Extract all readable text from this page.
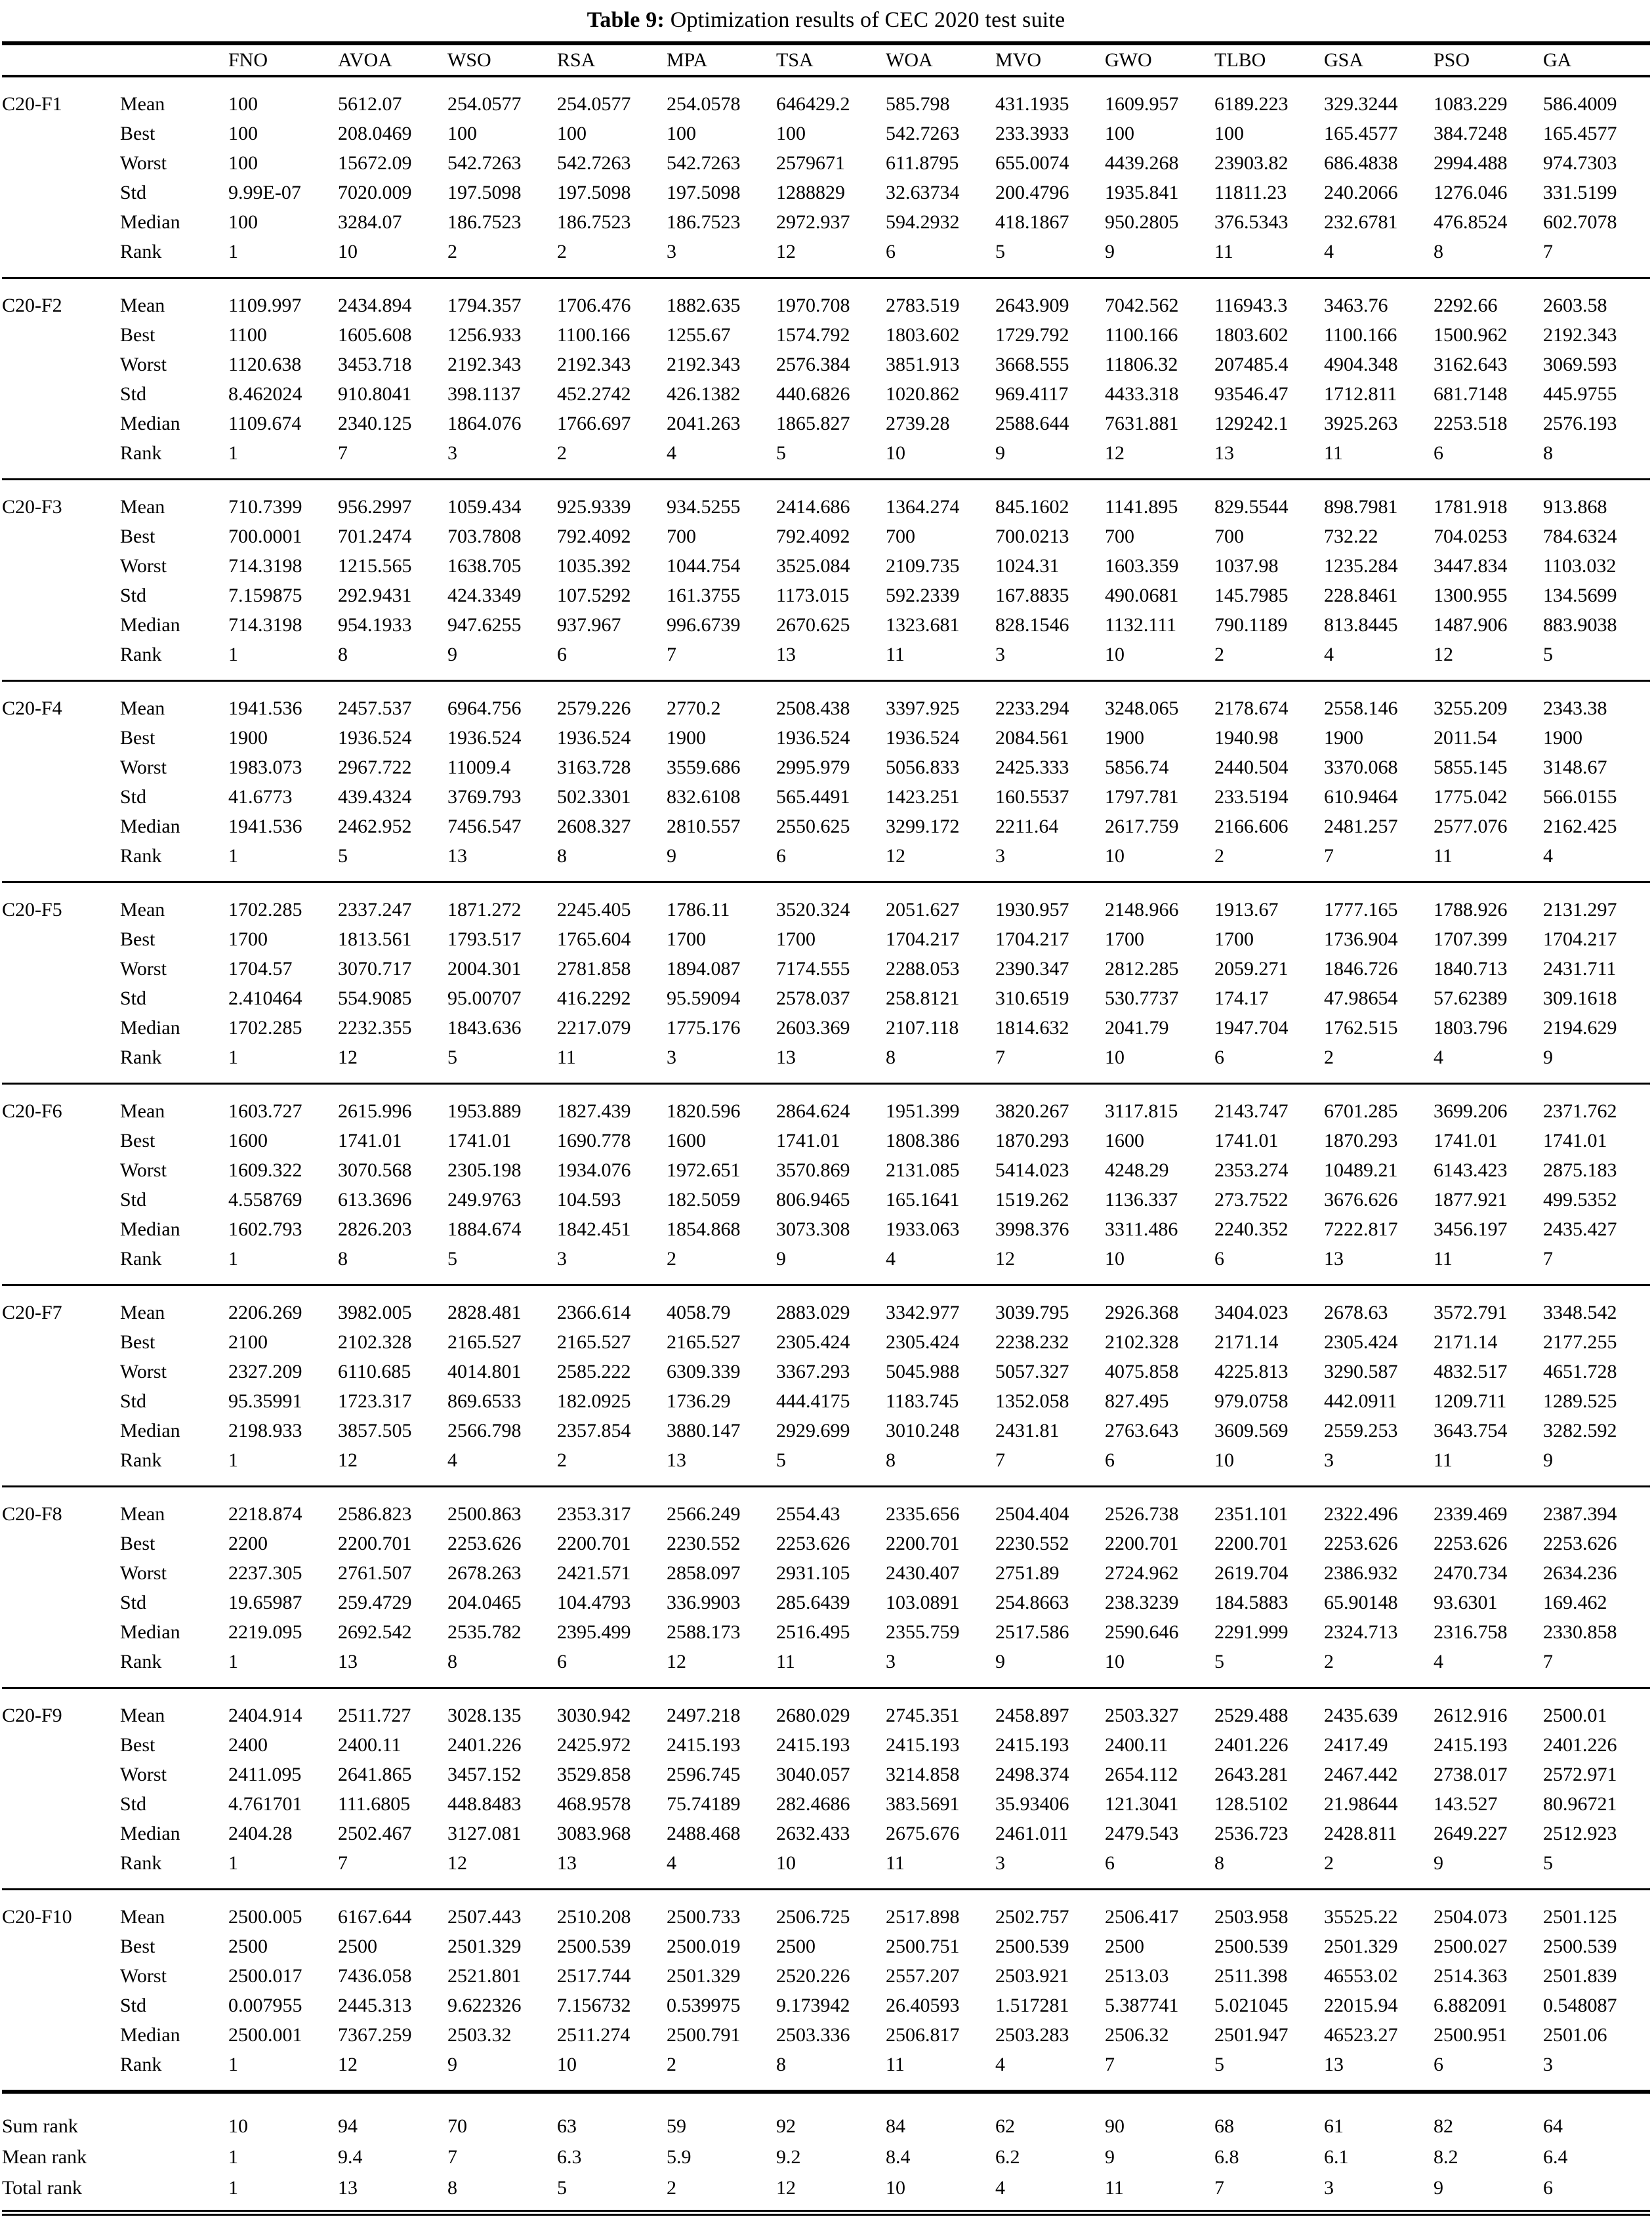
Table 9: Optimization results of CEC 2020 test suite
		FNO	AVOA	WSO	RSA	MPA	TSA	WOA	MVO	GWO	TLBO	GSA	PSO	GA	
C20-F1	Mean	100	5612.07	254.0577	254.0577	254.0578	646429.2	585.798	431.1935	1609.957	6189.223	329.3244	1083.229	586.4009	
	Best	100	208.0469	100	100	100	100	542.7263	233.3933	100	100	165.4577	384.7248	165.4577	
	Worst	100	15672.09	542.7263	542.7263	542.7263	2579671	611.8795	655.0074	4439.268	23903.82	686.4838	2994.488	974.7303	
	Std	9.99E-07	7020.009	197.5098	197.5098	197.5098	1288829	32.63734	200.4796	1935.841	11811.23	240.2066	1276.046	331.5199	
	Median	100	3284.07	186.7523	186.7523	186.7523	2972.937	594.2932	418.1867	950.2805	376.5343	232.6781	476.8524	602.7078	
	Rank	1	10	2	2	3	12	6	5	9	11	4	8	7	
C20-F2	Mean	1109.997	2434.894	1794.357	1706.476	1882.635	1970.708	2783.519	2643.909	7042.562	116943.3	3463.76	2292.66	2603.58	
	Best	1100	1605.608	1256.933	1100.166	1255.67	1574.792	1803.602	1729.792	1100.166	1803.602	1100.166	1500.962	2192.343	
	Worst	1120.638	3453.718	2192.343	2192.343	2192.343	2576.384	3851.913	3668.555	11806.32	207485.4	4904.348	3162.643	3069.593	
	Std	8.462024	910.8041	398.1137	452.2742	426.1382	440.6826	1020.862	969.4117	4433.318	93546.47	1712.811	681.7148	445.9755	
	Median	1109.674	2340.125	1864.076	1766.697	2041.263	1865.827	2739.28	2588.644	7631.881	129242.1	3925.263	2253.518	2576.193	
	Rank	1	7	3	2	4	5	10	9	12	13	11	6	8	
C20-F3	Mean	710.7399	956.2997	1059.434	925.9339	934.5255	2414.686	1364.274	845.1602	1141.895	829.5544	898.7981	1781.918	913.868	
	Best	700.0001	701.2474	703.7808	792.4092	700	792.4092	700	700.0213	700	700	732.22	704.0253	784.6324	
	Worst	714.3198	1215.565	1638.705	1035.392	1044.754	3525.084	2109.735	1024.31	1603.359	1037.98	1235.284	3447.834	1103.032	
	Std	7.159875	292.9431	424.3349	107.5292	161.3755	1173.015	592.2339	167.8835	490.0681	145.7985	228.8461	1300.955	134.5699	
	Median	714.3198	954.1933	947.6255	937.967	996.6739	2670.625	1323.681	828.1546	1132.111	790.1189	813.8445	1487.906	883.9038	
	Rank	1	8	9	6	7	13	11	3	10	2	4	12	5	
C20-F4	Mean	1941.536	2457.537	6964.756	2579.226	2770.2	2508.438	3397.925	2233.294	3248.065	2178.674	2558.146	3255.209	2343.38	
	Best	1900	1936.524	1936.524	1936.524	1900	1936.524	1936.524	2084.561	1900	1940.98	1900	2011.54	1900	
	Worst	1983.073	2967.722	11009.4	3163.728	3559.686	2995.979	5056.833	2425.333	5856.74	2440.504	3370.068	5855.145	3148.67	
	Std	41.6773	439.4324	3769.793	502.3301	832.6108	565.4491	1423.251	160.5537	1797.781	233.5194	610.9464	1775.042	566.0155	
	Median	1941.536	2462.952	7456.547	2608.327	2810.557	2550.625	3299.172	2211.64	2617.759	2166.606	2481.257	2577.076	2162.425	
	Rank	1	5	13	8	9	6	12	3	10	2	7	11	4	
C20-F5	Mean	1702.285	2337.247	1871.272	2245.405	1786.11	3520.324	2051.627	1930.957	2148.966	1913.67	1777.165	1788.926	2131.297	
	Best	1700	1813.561	1793.517	1765.604	1700	1700	1704.217	1704.217	1700	1700	1736.904	1707.399	1704.217	
	Worst	1704.57	3070.717	2004.301	2781.858	1894.087	7174.555	2288.053	2390.347	2812.285	2059.271	1846.726	1840.713	2431.711	
	Std	2.410464	554.9085	95.00707	416.2292	95.59094	2578.037	258.8121	310.6519	530.7737	174.17	47.98654	57.62389	309.1618	
	Median	1702.285	2232.355	1843.636	2217.079	1775.176	2603.369	2107.118	1814.632	2041.79	1947.704	1762.515	1803.796	2194.629	
	Rank	1	12	5	11	3	13	8	7	10	6	2	4	9	
C20-F6	Mean	1603.727	2615.996	1953.889	1827.439	1820.596	2864.624	1951.399	3820.267	3117.815	2143.747	6701.285	3699.206	2371.762	
	Best	1600	1741.01	1741.01	1690.778	1600	1741.01	1808.386	1870.293	1600	1741.01	1870.293	1741.01	1741.01	
	Worst	1609.322	3070.568	2305.198	1934.076	1972.651	3570.869	2131.085	5414.023	4248.29	2353.274	10489.21	6143.423	2875.183	
	Std	4.558769	613.3696	249.9763	104.593	182.5059	806.9465	165.1641	1519.262	1136.337	273.7522	3676.626	1877.921	499.5352	
	Median	1602.793	2826.203	1884.674	1842.451	1854.868	3073.308	1933.063	3998.376	3311.486	2240.352	7222.817	3456.197	2435.427	
	Rank	1	8	5	3	2	9	4	12	10	6	13	11	7	
C20-F7	Mean	2206.269	3982.005	2828.481	2366.614	4058.79	2883.029	3342.977	3039.795	2926.368	3404.023	2678.63	3572.791	3348.542	
	Best	2100	2102.328	2165.527	2165.527	2165.527	2305.424	2305.424	2238.232	2102.328	2171.14	2305.424	2171.14	2177.255	
	Worst	2327.209	6110.685	4014.801	2585.222	6309.339	3367.293	5045.988	5057.327	4075.858	4225.813	3290.587	4832.517	4651.728	
	Std	95.35991	1723.317	869.6533	182.0925	1736.29	444.4175	1183.745	1352.058	827.495	979.0758	442.0911	1209.711	1289.525	
	Median	2198.933	3857.505	2566.798	2357.854	3880.147	2929.699	3010.248	2431.81	2763.643	3609.569	2559.253	3643.754	3282.592	
	Rank	1	12	4	2	13	5	8	7	6	10	3	11	9	
C20-F8	Mean	2218.874	2586.823	2500.863	2353.317	2566.249	2554.43	2335.656	2504.404	2526.738	2351.101	2322.496	2339.469	2387.394	
	Best	2200	2200.701	2253.626	2200.701	2230.552	2253.626	2200.701	2230.552	2200.701	2200.701	2253.626	2253.626	2253.626	
	Worst	2237.305	2761.507	2678.263	2421.571	2858.097	2931.105	2430.407	2751.89	2724.962	2619.704	2386.932	2470.734	2634.236	
	Std	19.65987	259.4729	204.0465	104.4793	336.9903	285.6439	103.0891	254.8663	238.3239	184.5883	65.90148	93.6301	169.462	
	Median	2219.095	2692.542	2535.782	2395.499	2588.173	2516.495	2355.759	2517.586	2590.646	2291.999	2324.713	2316.758	2330.858	
	Rank	1	13	8	6	12	11	3	9	10	5	2	4	7	
C20-F9	Mean	2404.914	2511.727	3028.135	3030.942	2497.218	2680.029	2745.351	2458.897	2503.327	2529.488	2435.639	2612.916	2500.01	
	Best	2400	2400.11	2401.226	2425.972	2415.193	2415.193	2415.193	2415.193	2400.11	2401.226	2417.49	2415.193	2401.226	
	Worst	2411.095	2641.865	3457.152	3529.858	2596.745	3040.057	3214.858	2498.374	2654.112	2643.281	2467.442	2738.017	2572.971	
	Std	4.761701	111.6805	448.8483	468.9578	75.74189	282.4686	383.5691	35.93406	121.3041	128.5102	21.98644	143.527	80.96721	
	Median	2404.28	2502.467	3127.081	3083.968	2488.468	2632.433	2675.676	2461.011	2479.543	2536.723	2428.811	2649.227	2512.923	
	Rank	1	7	12	13	4	10	11	3	6	8	2	9	5	
C20-F10	Mean	2500.005	6167.644	2507.443	2510.208	2500.733	2506.725	2517.898	2502.757	2506.417	2503.958	35525.22	2504.073	2501.125	
	Best	2500	2500	2501.329	2500.539	2500.019	2500	2500.751	2500.539	2500	2500.539	2501.329	2500.027	2500.539	
	Worst	2500.017	7436.058	2521.801	2517.744	2501.329	2520.226	2557.207	2503.921	2513.03	2511.398	46553.02	2514.363	2501.839	
	Std	0.007955	2445.313	9.622326	7.156732	0.539975	9.173942	26.40593	1.517281	5.387741	5.021045	22015.94	6.882091	0.548087	
	Median	2500.001	7367.259	2503.32	2511.274	2500.791	2503.336	2506.817	2503.283	2506.32	2501.947	46523.27	2500.951	2501.06	
	Rank	1	12	9	10	2	8	11	4	7	5	13	6	3	
Sum rank		10	94	70	63	59	92	84	62	90	68	61	82	64	
Mean rank		1	9.4	7	6.3	5.9	9.2	8.4	6.2	9	6.8	6.1	8.2	6.4	
Total rank		1	13	8	5	2	12	10	4	11	7	3	9	6	
